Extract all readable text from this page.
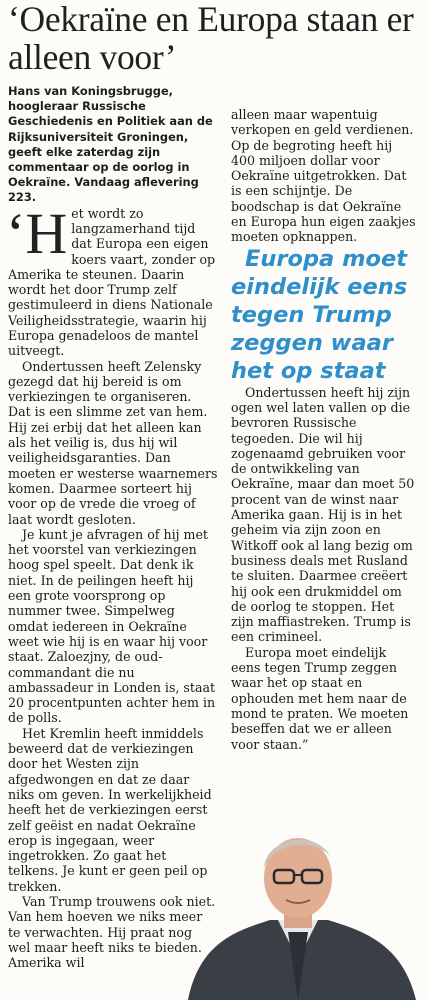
‘Oekraïne en Europa staan er alleen voor’

Hans van Koningsbrugge, hoogleraar Russische Geschiedenis en Politiek aan de Rijksuniversiteit Groningen, geeft elke zaterdag zijn commentaar op de oorlog in Oekraïne. Vandaag aflevering 223.

‘Het wordt zo langzamerhand tijd dat Europa een eigen koers vaart, zonder op Amerika te steunen. Daarin wordt het door Trump zelf gestimuleerd in diens Nationale Veiligheidsstrategie, waarin hij Europa genadeloos de mantel uitveegt.

Ondertussen heeft Zelensky gezegd dat hij bereid is om verkiezingen te organiseren. Dat is een slimme zet van hem. Hij zei erbij dat het alleen kan als het veilig is, dus hij wil veiligheidsgaranties. Dan moeten er westerse waarnemers komen. Daarmee sorteert hij voor op de vrede die vroeg of laat wordt gesloten.

Je kunt je afvragen of hij met het voorstel van verkiezingen hoog spel speelt. Dat denk ik niet. In de peilingen heeft hij een grote voorsprong op nummer twee. Simpelweg omdat iedereen in Oekraïne weet wie hij is en waar hij voor staat. Zaloezjny, de oud-commandant die nu ambassadeur in Londen is, staat 20 procentpunten achter hem in de polls.

Het Kremlin heeft inmiddels beweerd dat de verkiezingen door het Westen zijn afgedwongen en dat ze daar niks om geven. In werkelijkheid heeft het de verkiezingen eerst zelf geëist en nadat Oekraïne erop is ingegaan, weer ingetrokken. Zo gaat het telkens. Je kunt er geen peil op trekken.

Van Trump trouwens ook niet. Van hem hoeven we niks meer te verwachten. Hij praat nog wel maar heeft niks te bieden. Amerika wil

alleen maar wapentuig verkopen en geld verdienen. Op de begroting heeft hij 400 miljoen dollar voor Oekraïne uitgetrokken. Dat is een schijntje. De boodschap is dat Oekraïne en Europa hun eigen zaakjes moeten opknappen.

Europa moet eindelijk eens tegen Trump zeggen waar het op staat

Ondertussen heeft hij zijn ogen wel laten vallen op die bevroren Russische tegoeden. Die wil hij zogenaamd gebruiken voor de ontwikkeling van Oekraïne, maar dan moet 50 procent van de winst naar Amerika gaan. Hij is in het geheim via zijn zoon en Witkoff ook al lang bezig om business deals met Rusland te sluiten. Daarmee creëert hij ook een drukmiddel om de oorlog te stoppen. Het zijn maffiastreken. Trump is een crimineel.

Europa moet eindelijk eens tegen Trump zeggen waar het op staat en ophouden met hem naar de mond te praten. We moeten beseffen dat we er alleen voor staan.”
